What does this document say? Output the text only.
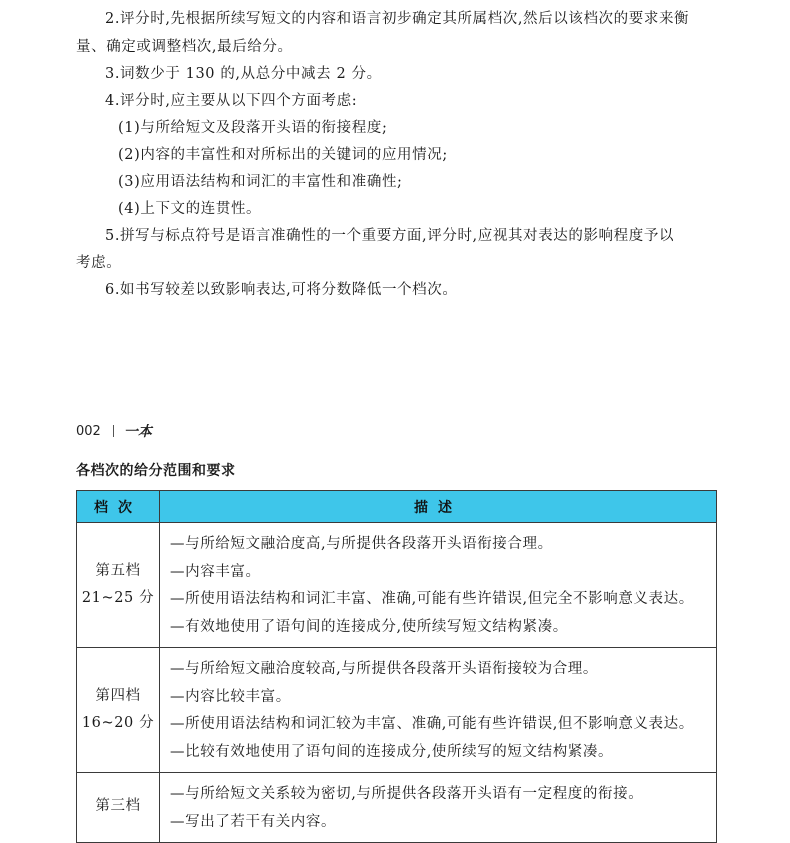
2.评分时,先根据所续写短文的内容和语言初步确定其所属档次,然后以该档次的要求来衡

量、确定或调整档次,最后给分。

3.词数少于 130 的,从总分中减去 2 分。

4.评分时,应主要从以下四个方面考虑:

(1)与所给短文及段落开头语的衔接程度;

(2)内容的丰富性和对所标出的关键词的应用情况;

(3)应用语法结构和词汇的丰富性和准确性;

(4)上下文的连贯性。

5.拼写与标点符号是语言准确性的一个重要方面,评分时,应视其对表达的影响程度予以

考虑。

6.如书写较差以致影响表达,可将分数降低一个档次。

002 一本
各档次的给分范围和要求
档次	描述

第五档
21~25 分	—与所给短文融洽度高,与所提供各段落开头语衔接合理。
—内容丰富。
—所使用语法结构和词汇丰富、准确,可能有些许错误,但完全不影响意义表达。
—有效地使用了语句间的连接成分,使所续写短文结构紧凑。

第四档
16~20 分	—与所给短文融洽度较高,与所提供各段落开头语衔接较为合理。
—内容比较丰富。
—所使用语法结构和词汇较为丰富、准确,可能有些许错误,但不影响意义表达。
—比较有效地使用了语句间的连接成分,使所续写的短文结构紧凑。

第三档	—与所给短文关系较为密切,与所提供各段落开头语有一定程度的衔接。
—写出了若干有关内容。
